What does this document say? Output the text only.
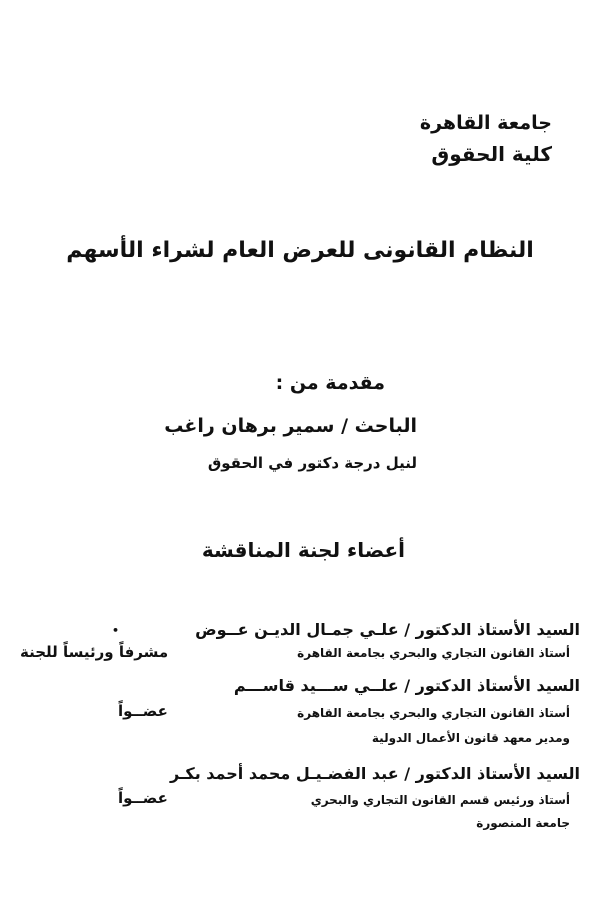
جامعة القاهرة
كلية الحقوق
النظام القانونى للعرض العام لشراء الأسهم
مقدمة من :
الباحث / سمير برهان راغب
لنيل درجة دكتور في الحقوق
أعضاء لجنة المناقشة
السيد الأستاذ الدكتور / علـي جمـال الديـن عــوض
أستاذ القانون التجاري والبحري بجامعة القاهرة
مشرفاً ورئيساً للجنة
السيد الأستاذ الدكتور / علــي ســـيد قاســـم
أستاذ القانون التجاري والبحري بجامعة القاهرة
ومدير معهد قانون الأعمال الدولية
عضــواً
السيد الأستاذ الدكتور / عبد الفضـيـل محمد أحمد بكـر
أستاذ ورئيس قسم القانون التجاري والبحري
جامعة المنصورة
عضــواً
•
